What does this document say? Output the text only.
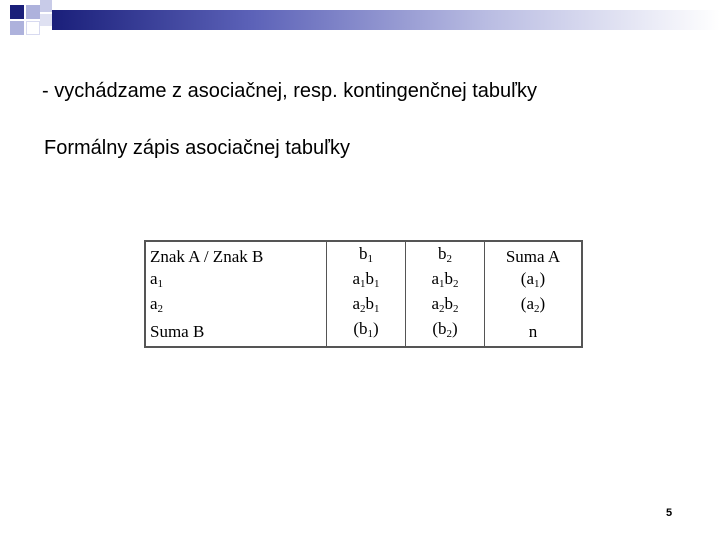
- vychádzame z asociačnej, resp. kontingenčnej tabuľky
Formálny zápis asociačnej tabuľky
Znak A / Znak B	$b_1$	$b_2$	Suma A
$a_1$	$a_1b_1$	$a_1b_2$	$(a_1)$
$a_2$	$a_2b_1$	$a_2b_2$	$(a_2)$
Suma B	$(b_1)$	$(b_2)$	n
5
